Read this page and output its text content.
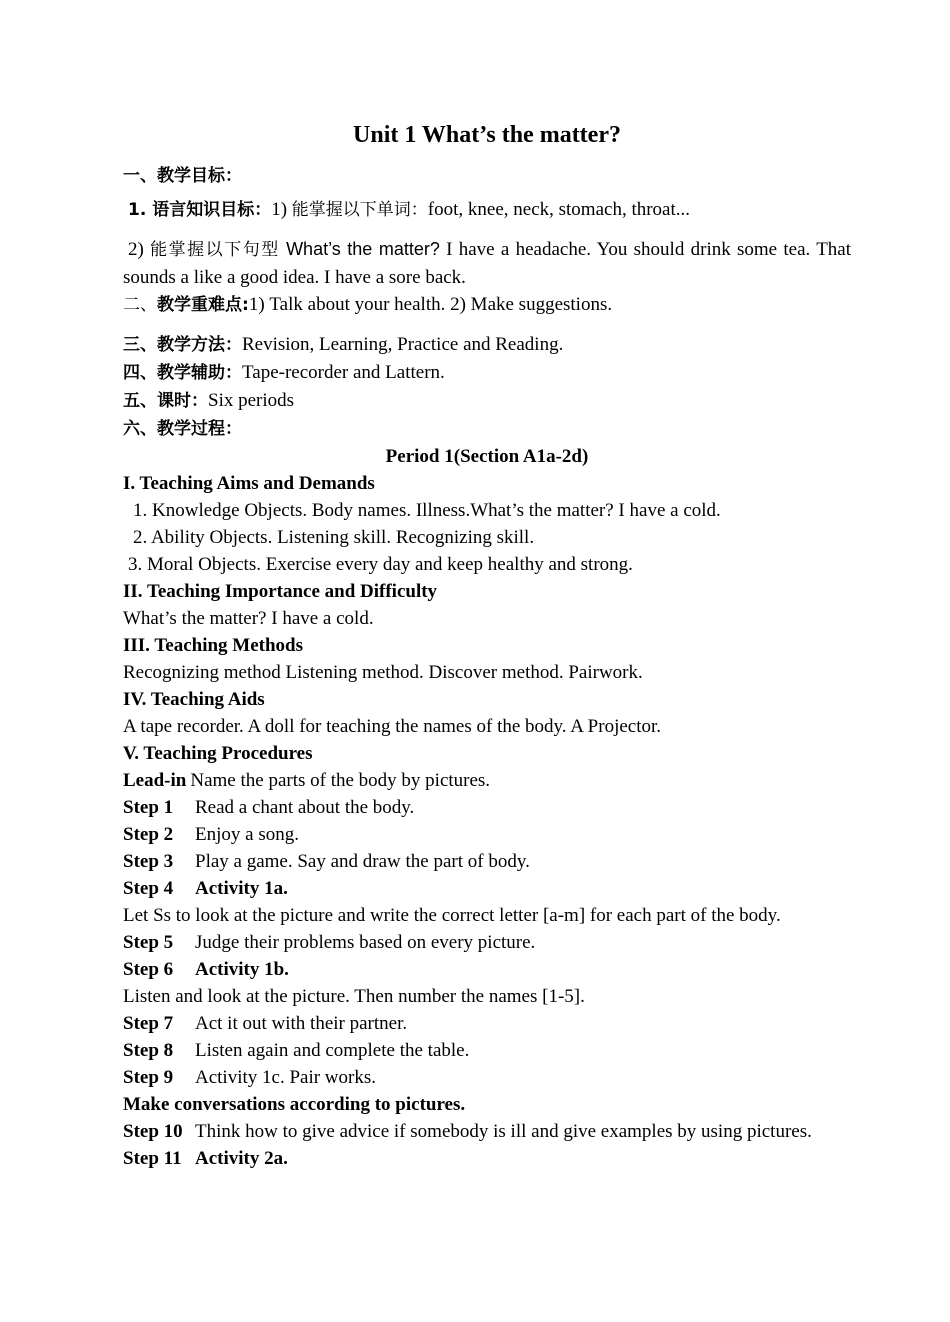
Unit 1 What’s the matter?
一、教学目标：
1. 语言知识目标：1) 能掌握以下单词：foot, knee, neck, stomach, throat...
2) 能掌握以下句型 What’s the matter? I have a headache. You should drink some tea. That sounds a like a good idea. I have a sore back.
二、教学重难点:1) Talk about your health. 2) Make suggestions.
三、教学方法：Revision, Learning, Practice and Reading.
四、教学辅助：Tape-recorder and Lattern.
五、课时：Six periods
六、教学过程：
Period 1(Section A1a-2d)
I. Teaching Aims and Demands
1. Knowledge Objects. Body names. Illness.What’s the matter? I have a cold.
2. Ability Objects. Listening skill. Recognizing skill.
3. Moral Objects. Exercise every day and keep healthy and strong.
II. Teaching Importance and Difficulty
What’s the matter? I have a cold.
III. Teaching Methods
Recognizing method Listening method. Discover method. Pairwork.
IV. Teaching Aids
A tape recorder. A doll for teaching the names of the body. A Projector.
V. Teaching Procedures
Lead-in Name the parts of the body by pictures.
Step 1 Read a chant about the body.
Step 2 Enjoy a song.
Step 3 Play a game. Say and draw the part of body.
Step 4 Activity 1a.
Let Ss to look at the picture and write the correct letter [a-m] for each part of the body.
Step 5 Judge their problems based on every picture.
Step 6 Activity 1b.
Listen and look at the picture. Then number the names [1-5].
Step 7 Act it out with their partner.
Step 8 Listen again and complete the table.
Step 9 Activity 1c. Pair works.
Make conversations according to pictures.
Step 10 Think how to give advice if somebody is ill and give examples by using pictures.
Step 11 Activity 2a.
